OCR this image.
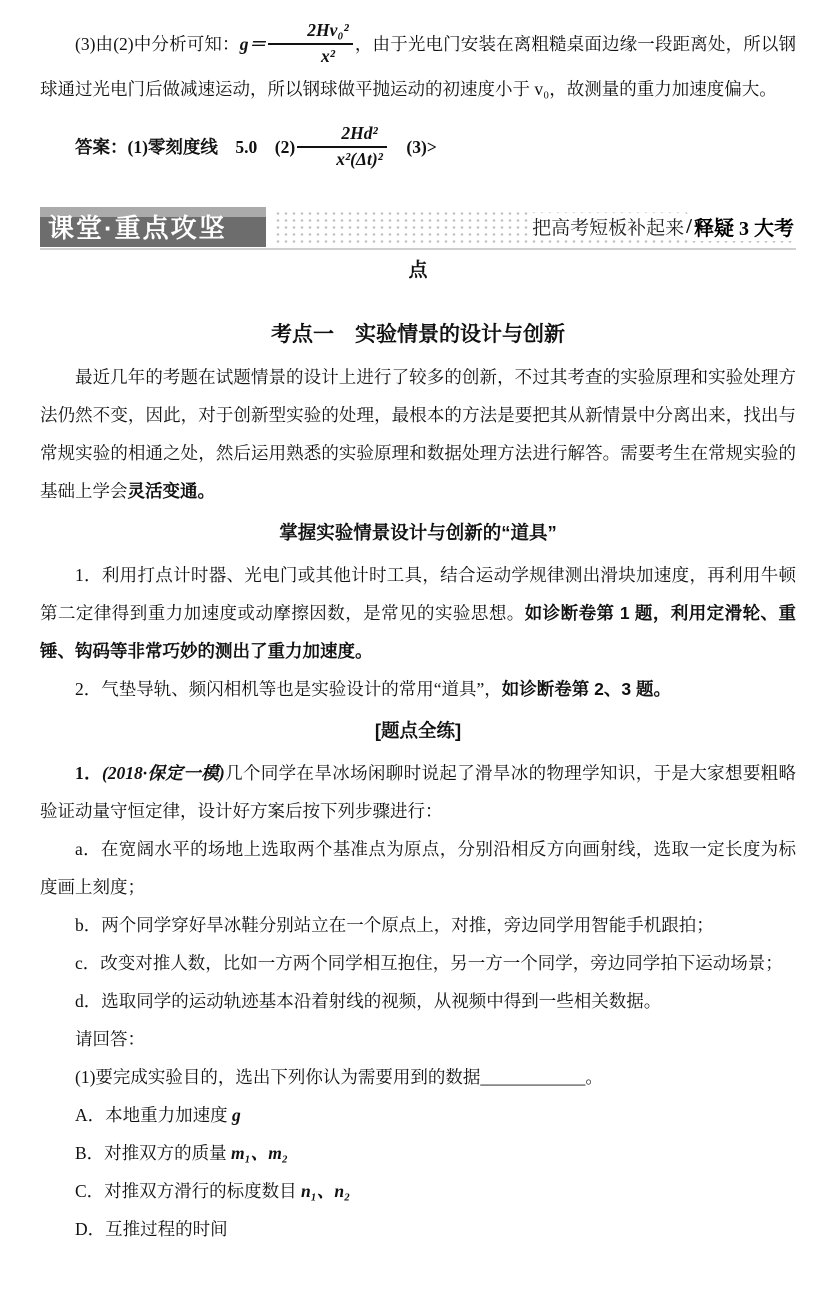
(3)由(2)中分析可知：$g= \frac{\text{2Hv₀²}}{\text{x²}}$ ，由于光电门安装在离粗糙桌面边缘一段距离处，所以钢球通过光电门后做减速运动，所以钢球做平抛运动的初速度小于 v₀，故测量的重力加速度偏大。

答案：(1)零刻度线　5.0　$(2) \frac{\text{2Hd²}}{\text{x²(Δt)²}}$ 　(3)>

课堂·重点攻坚	把高考短板补起来 / 释疑 3 大考

点

考点一　实验情景的设计与创新

最近几年的考题在试题情景的设计上进行了较多的创新，不过其考查的实验原理和实验处理方法仍然不变，因此，对于创新型实验的处理，最根本的方法是要把其从新情景中分离出来，找出与常规实验的相通之处，然后运用熟悉的实验原理和数据处理方法进行解答。需要考生在常规实验的基础上学会灵活变通。

掌握实验情景设计与创新的“道具”

1．利用打点计时器、光电门或其他计时工具，结合运动学规律测出滑块加速度，再利用牛顿第二定律得到重力加速度或动摩擦因数，是常见的实验思想。如诊断卷第 1 题，利用定滑轮、重锤、钩码等非常巧妙的测出了重力加速度。

2．气垫导轨、频闪相机等也是实验设计的常用“道具”，如诊断卷第 2、3 题。

[题点全练]

1．(2018·保定一模)几个同学在旱冰场闲聊时说起了滑旱冰的物理学知识，于是大家想要粗略验证动量守恒定律，设计好方案后按下列步骤进行：

a．在宽阔水平的场地上选取两个基准点为原点，分别沿相反方向画射线，选取一定长度为标度画上刻度；

b．两个同学穿好旱冰鞋分别站立在一个原点上，对推，旁边同学用智能手机跟拍；

c．改变对推人数，比如一方两个同学相互抱住，另一方一个同学，旁边同学拍下运动场景；

d．选取同学的运动轨迹基本沿着射线的视频，从视频中得到一些相关数据。

请回答：

(1)要完成实验目的，选出下列你认为需要用到的数据____________。

A．本地重力加速度 g

B．对推双方的质量 m₁、m₂

C．对推双方滑行的标度数目 n₁、n₂

D．互推过程的时间
